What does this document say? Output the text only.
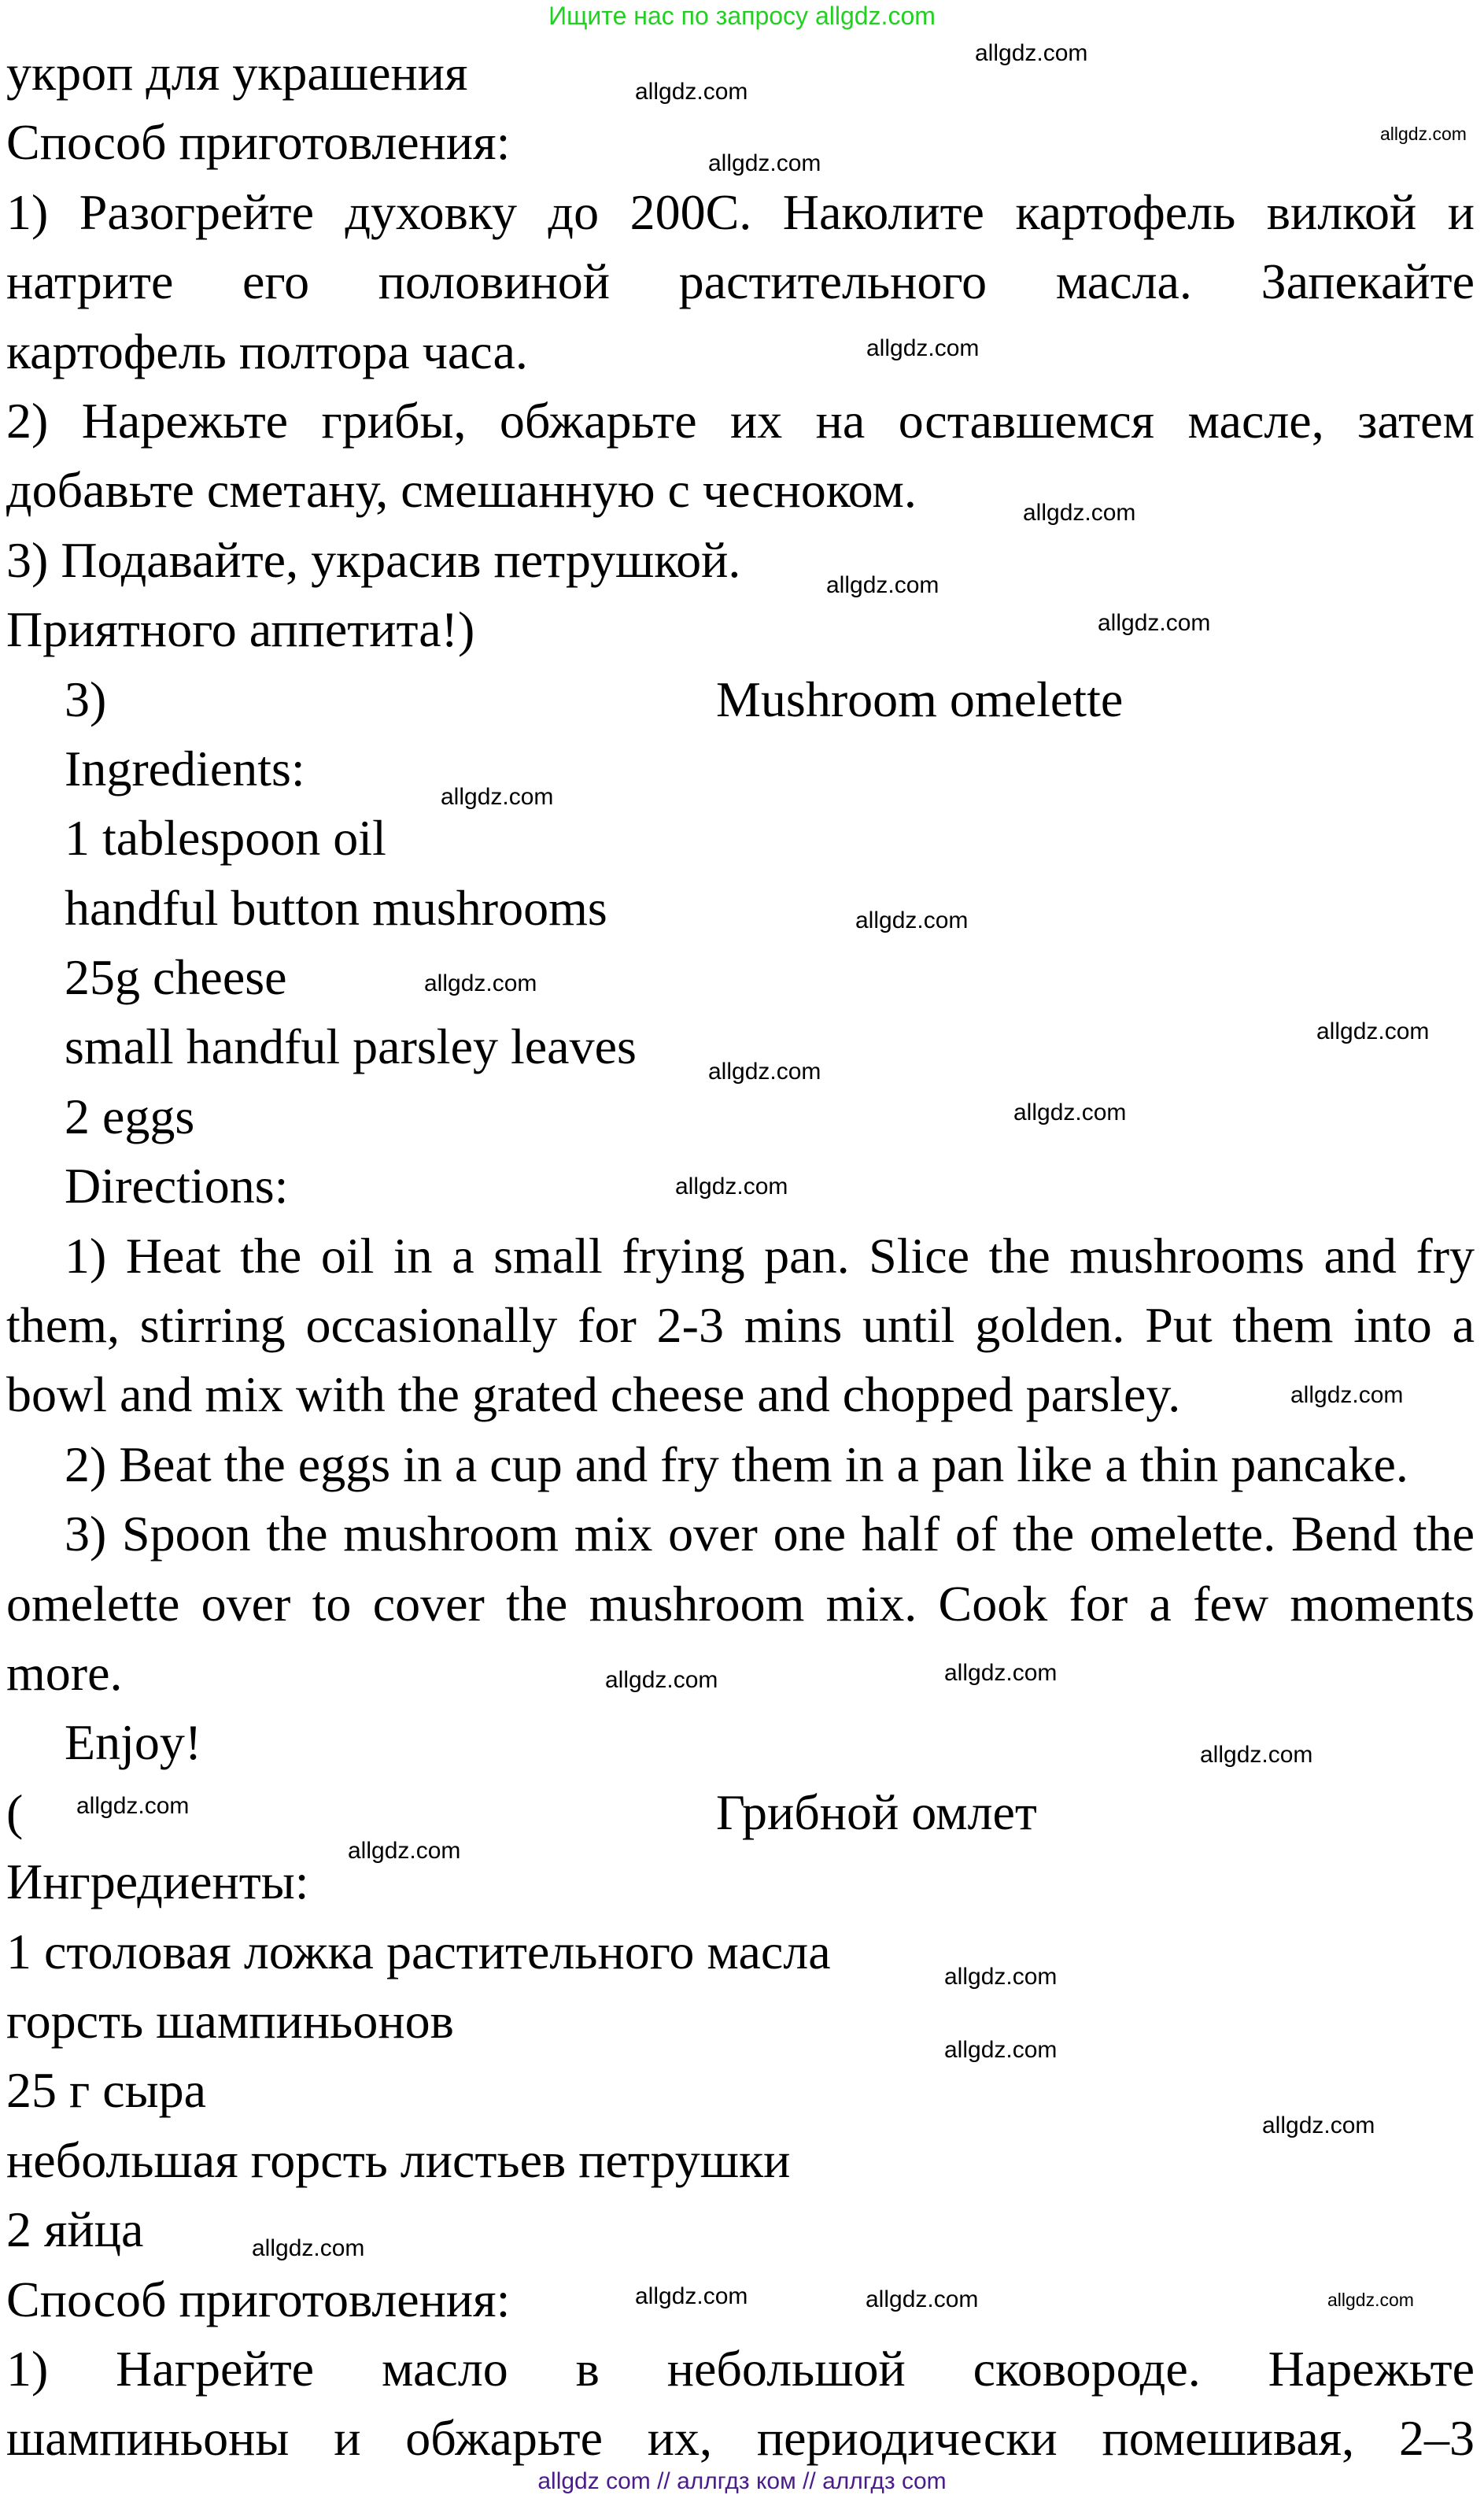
Ищите нас по запросу allgdz.com
укроп для украшения
Способ приготовления:
1) Разогрейте духовку до 200С. Наколите картофель вилкой и
натрите его половиной растительного масла. Запекайте
картофель полтора часа.
2) Нарежьте грибы, обжарьте их на оставшемся масле, затем
добавьте сметану, смешанную с чесноком.
3) Подавайте, украсив петрушкой.
Приятного аппетита!)
3)	Mushroom omelette
Ingredients:
1 tablespoon oil
handful button mushrooms
25g cheese
small handful parsley leaves
2 eggs
Directions:
1) Heat the oil in a small frying pan. Slice the mushrooms and fry
them, stirring occasionally for 2-3 mins until golden. Put them into a
bowl and mix with the grated cheese and chopped parsley.
2) Beat the eggs in a cup and fry them in a pan like a thin pancake.
3) Spoon the mushroom mix over one half of the omelette. Bend the
omelette over to cover the mushroom mix. Cook for a few moments
more.
Enjoy!
(	Грибной омлет
Ингредиенты:
1 столовая ложка растительного масла
горсть шампиньонов
25 г сыра
небольшая горсть листьев петрушки
2 яйца
Способ приготовления:
1) Нагрейте масло в небольшой сковороде. Нарежьте
шампиньоны и обжарьте их, периодически помешивая, 2–3
allgdz.com
allgdz.com
allgdz.com
allgdz.com
allgdz.com
allgdz.com
allgdz.com
allgdz.com
allgdz.com
allgdz.com
allgdz.com
allgdz.com
allgdz.com
allgdz.com
allgdz.com
allgdz.com
allgdz.com
allgdz.com
allgdz.com
allgdz.com
allgdz.com
allgdz.com
allgdz.com
allgdz.com
allgdz.com
allgdz.com	allgdz.com
allgdz.com
allgdz com // аллгдз ком // аллгдз com
